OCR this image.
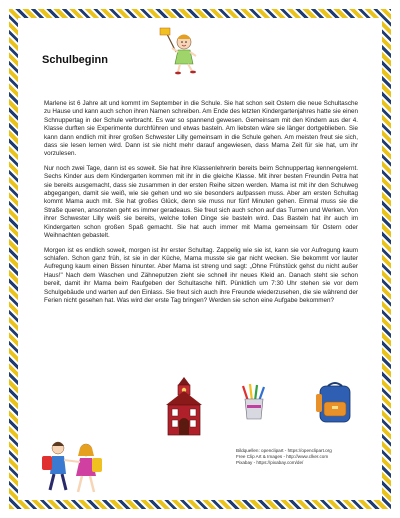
Schulbeginn

Marlene ist 6 Jahre alt und kommt im September in die Schule. Sie hat schon seit Ostern die neue Schultasche zu Hause und kann auch schon ihren Namen schreiben. Am Ende des letzten Kindergartenjahres hatte sie einen Schnuppertag in der Schule verbracht. Es war so spannend gewesen. Gemeinsam mit den Kindern aus der 4. Klasse durften sie Experimente durchführen und etwas basteln. Am liebsten wäre sie länger dortgeblieben. Sie kann dann endlich mit ihrer großen Schwester Lilly gemeinsam in die Schule gehen. Am meisten freut sie sich, dass sie lesen lernen wird. Dann ist sie nicht mehr darauf angewiesen, dass Mama Zeit für sie hat, um ihr vorzulesen.

Nur noch zwei Tage, dann ist es soweit. Sie hat ihre Klassenlehrerin bereits beim Schnuppertag kennengelernt. Sechs Kinder aus dem Kindergarten kommen mit ihr in die gleiche Klasse. Mit ihrer besten Freundin Petra hat sie bereits ausgemacht, dass sie zusammen in der ersten Reihe sitzen werden. Mama ist mit ihr den Schulweg abgegangen, damit sie weiß, wie sie gehen und wo sie besonders aufpassen muss. Aber am ersten Schultag kommt Mama auch mit. Sie hat großes Glück, denn sie muss nur fünf Minuten gehen. Einmal muss sie die Straße queren, ansonsten geht es immer geradeaus. Sie freut sich auch schon auf das Turnen und Werken. Von ihrer Schwester Lilly weiß sie bereits, welche tollen Dinge sie basteln wird. Das Basteln hat ihr auch im Kindergarten schon großen Spaß gemacht. Sie hat auch immer mit Mama gemeinsam für Ostern oder Weihnachten gebastelt.

Morgen ist es endlich soweit, morgen ist ihr erster Schultag. Zappelig wie sie ist, kann sie vor Aufregung kaum schlafen. Schon ganz früh, ist sie in der Küche, Mama musste sie gar nicht wecken. Sie bekommt vor lauter Aufregung kaum einen Bissen hinunter. Aber Mama ist streng und sagt: „Ohne Frühstück gehst du nicht außer Haus!" Nach dem Waschen und Zähneputzen zieht sie schnell ihr neues Kleid an. Danach steht sie schon bereit, damit ihr Mama beim Raufgeben der Schultasche hilft. Pünktlich um 7:30 Uhr stehen sie vor dem Schulgebäude und warten auf den Einlass. Sie freut sich auch ihre Freunde wiederzusehen, die sie während der Ferien nicht gesehen hat. Was wird der erste Tag bringen? Werden sie schon eine Aufgabe bekommen?

Bildquellen: openclipart - https://openclipart.org
Free Clip Art & Images - http://www.clker.com
Pixabay - https://pixabay.com/de/
